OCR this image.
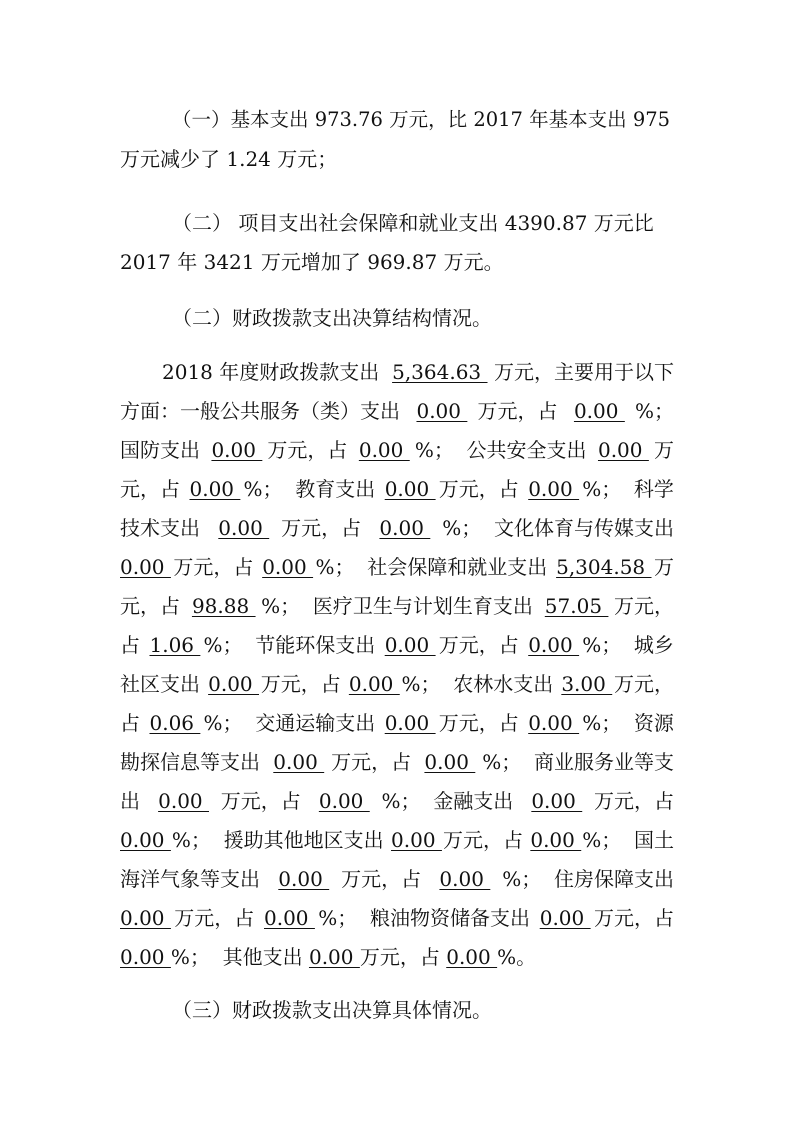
（一）基本支出 973.76 万元，比 2017 年基本支出 975
万元减少了 1.24 万元；
（二） 项目支出社会保障和就业支出 4390.87 万元比
2017 年 3421 万元增加了 969.87 万元。
（二）财政拨款支出决算结构情况。
2018 年度财政拨款支出 5,364.63 万元，主要用于以下
方面：一般公共服务（类）支出 0.00 万元，占 0.00 %；
国防支出 0.00 万元，占 0.00 %；  公共安全支出 0.00 万
元，占 0.00 %；  教育支出 0.00 万元，占 0.00 %；  科学
技术支出 0.00 万元，占 0.00 %；  文化体育与传媒支出
0.00 万元，占 0.00 %；  社会保障和就业支出 5,304.58 万
元，占 98.88 %；  医疗卫生与计划生育支出 57.05 万元，
占 1.06 %；  节能环保支出 0.00 万元，占 0.00 %；  城乡
社区支出 0.00 万元，占 0.00 %；  农林水支出 3.00 万元，
占 0.06 %；  交通运输支出 0.00 万元，占 0.00 %；  资源
勘探信息等支出 0.00 万元，占 0.00 %；  商业服务业等支
出 0.00 万元，占 0.00 %；  金融支出 0.00 万元，占
0.00 %；  援助其他地区支出 0.00 万元，占 0.00 %；  国土
海洋气象等支出 0.00 万元，占 0.00 %；  住房保障支出
0.00 万元，占 0.00 %；  粮油物资储备支出 0.00 万元，占
0.00 %；  其他支出 0.00 万元，占 0.00 %。
（三）财政拨款支出决算具体情况。
